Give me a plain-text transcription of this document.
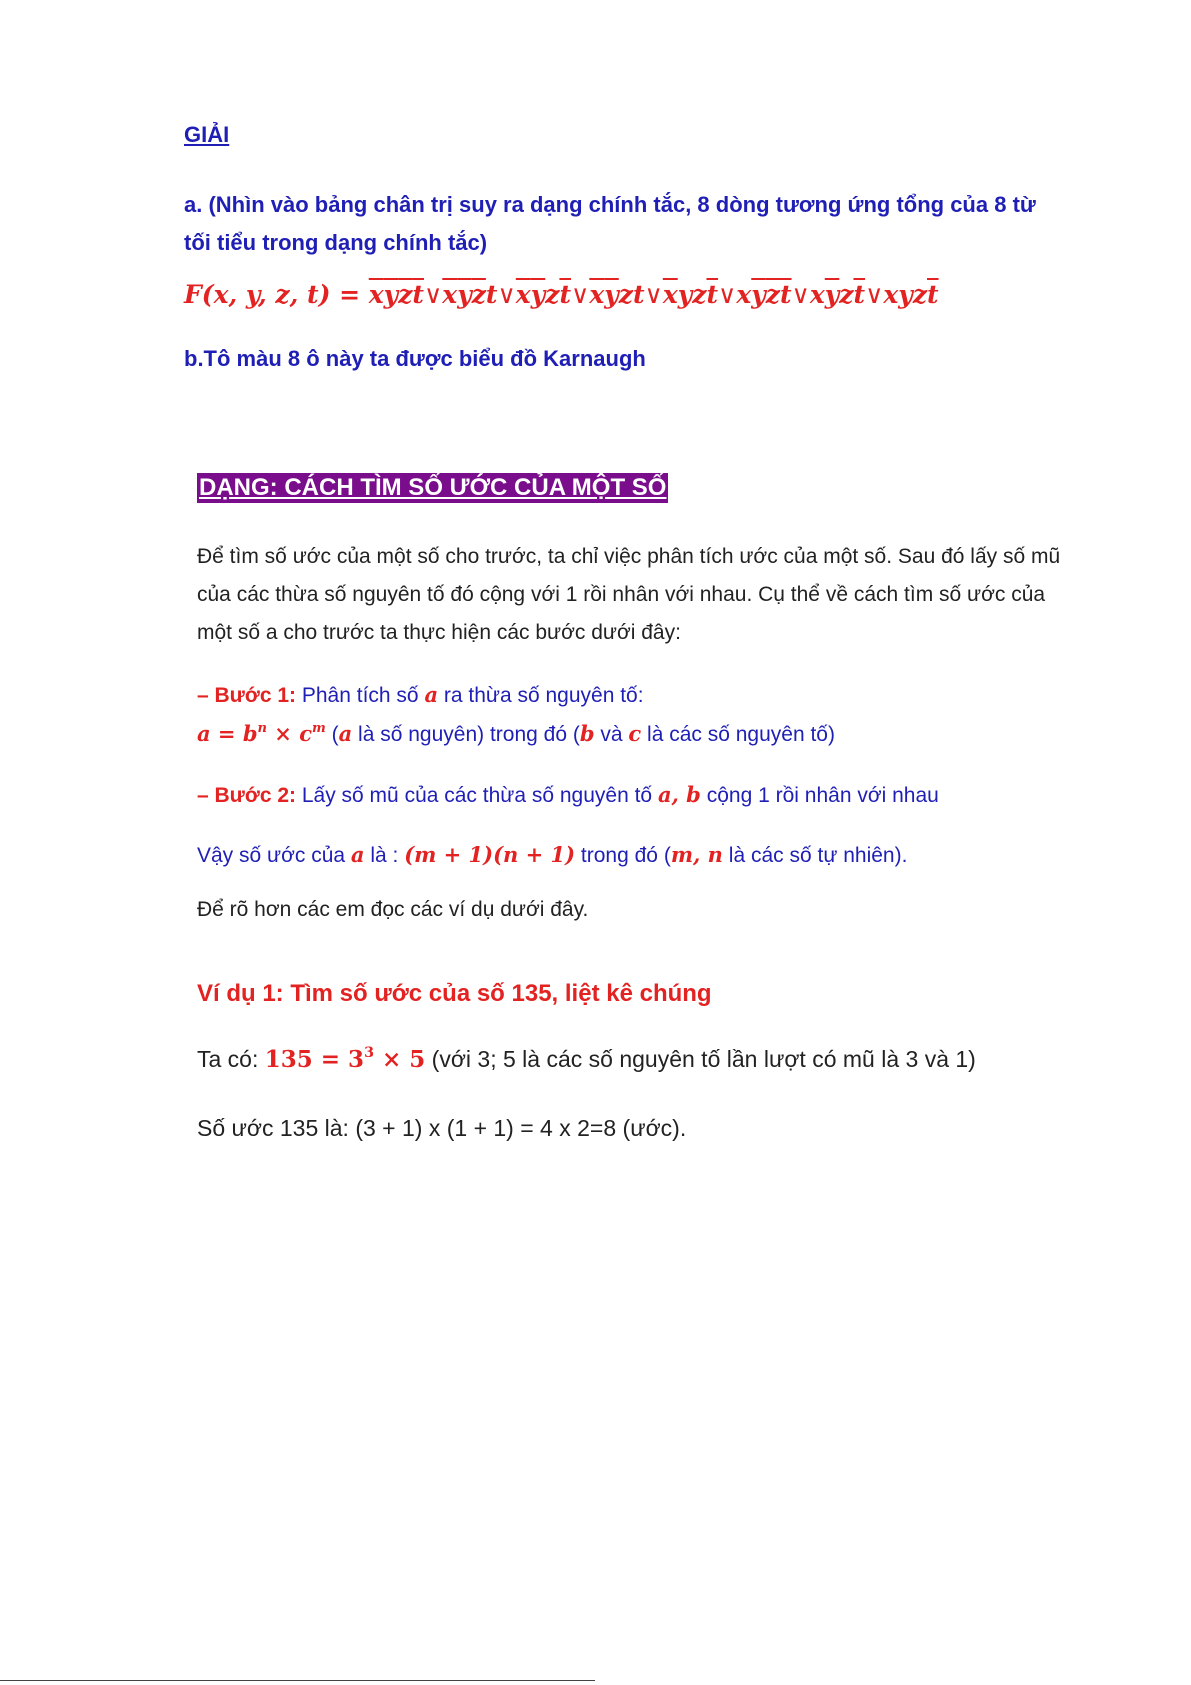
GIẢI
a. (Nhìn vào bảng chân trị suy ra dạng chính tắc, 8 dòng tương ứng tổng của 8 từ tối tiểu trong dạng chính tắc)
F(x, y, z, $t) = \overline{x}\overline{y}\overline{z}\overline{t}\vee\overline{x}\overline{y}\overline{z}t\vee\overline{x}\overline{y}z\overline{t}\vee\overline{x}\overline{y}zt\vee\overline{x}yz\overline{t}\vee x\overline{y}\overline{z}\overline{t}\vee x\overline{y}z\overline{t}\vee xyz\overline{t}$
b.Tô màu 8 ô này ta được biểu đồ Karnaugh
DẠNG: CÁCH TÌM SỐ ƯỚC CỦA MỘT SỐ
Để tìm số ước của một số cho trước, ta chỉ việc phân tích ước của một số. Sau đó lấy số mũ của các thừa số nguyên tố đó cộng với 1 rồi nhân với nhau. Cụ thể về cách tìm số ước của một số a cho trước ta thực hiện các bước dưới đây:
– Bước 1: Phân tích số a ra thừa số nguyên tố:
$a = b^n \times c^m$ (a là số nguyên) trong đó (b và c là các số nguyên tố)
– Bước 2: Lấy số mũ của các thừa số nguyên tố a, b cộng 1 rồi nhân với nhau
Vậy số ước của a là : (m + 1)(n + 1) trong đó (m, n là các số tự nhiên).
Để rõ hơn các em đọc các ví dụ dưới đây.
Ví dụ 1: Tìm số ước của số 135, liệt kê chúng
Ta có: $135 = 3^3 \times 5$ (với 3; 5 là các số nguyên tố lần lượt có mũ là 3 và 1)
Số ước 135 là: (3 + 1) x (1 + 1) = 4 x 2=8 (ước).
